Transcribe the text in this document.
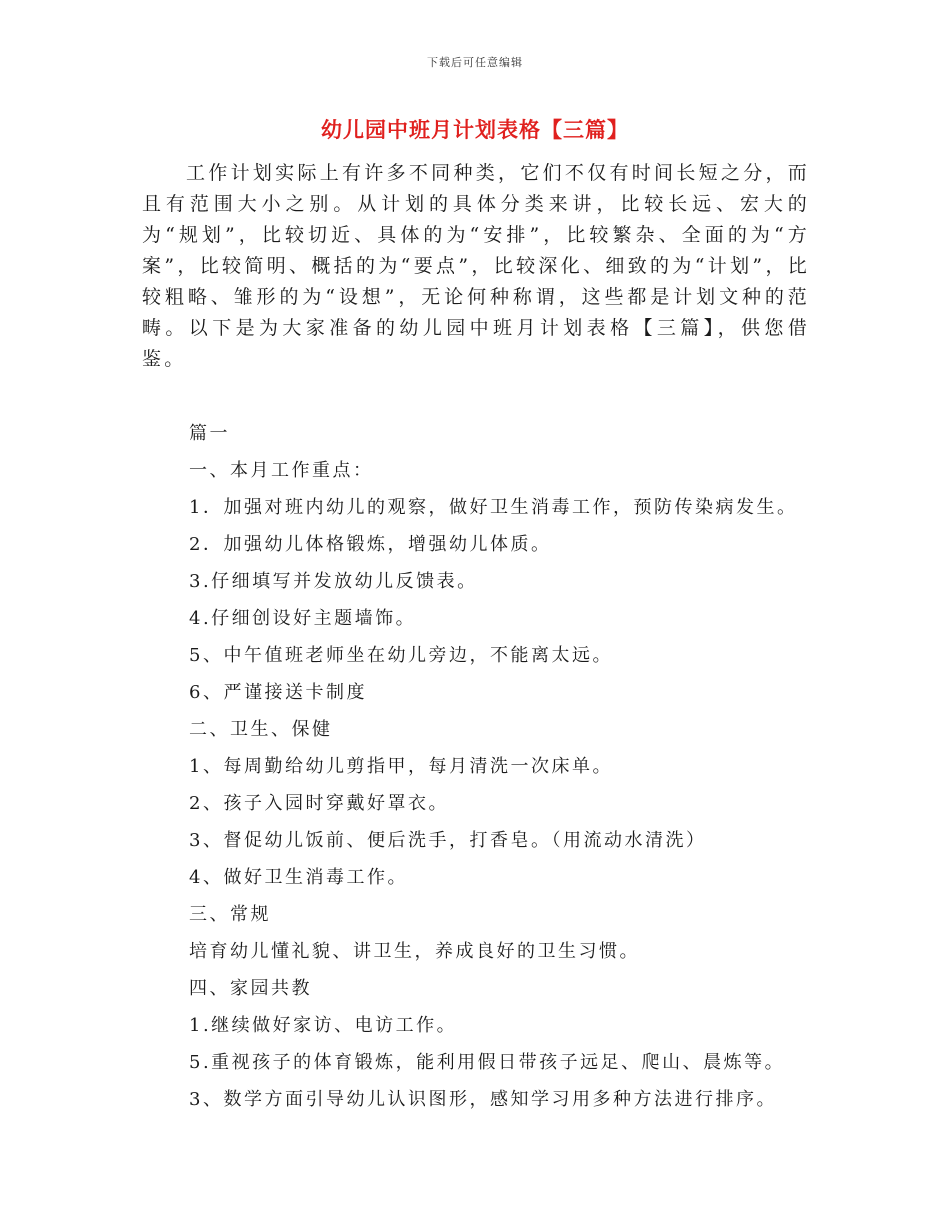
下载后可任意编辑
幼儿园中班月计划表格【三篇】

工作计划实际上有许多不同种类，它们不仅有时间长短之分，而且有范围大小之别。从计划的具体分类来讲，比较长远、宏大的为“规划”，比较切近、具体的为“安排”，比较繁杂、全面的为“方案”，比较简明、概括的为“要点”，比较深化、细致的为“计划”，比较粗略、雏形的为“设想”，无论何种称谓，这些都是计划文种的范畴。以下是为大家准备的幼儿园中班月计划表格【三篇】，供您借鉴。

篇一
一、本月工作重点：
1．加强对班内幼儿的观察，做好卫生消毒工作，预防传染病发生。
2．加强幼儿体格锻炼，增强幼儿体质。
3.仔细填写并发放幼儿反馈表。
4.仔细创设好主题墙饰。
5、中午值班老师坐在幼儿旁边，不能离太远。
6、严谨接送卡制度
二、卫生、保健
1、每周勤给幼儿剪指甲，每月清洗一次床单。
2、孩子入园时穿戴好罩衣。
3、督促幼儿饭前、便后洗手，打香皂。（用流动水清洗）
4、做好卫生消毒工作。
三、常规
培育幼儿懂礼貌、讲卫生，养成良好的卫生习惯。
四、家园共教
1.继续做好家访、电访工作。
5.重视孩子的体育锻炼，能利用假日带孩子远足、爬山、晨炼等。
3、数学方面引导幼儿认识图形，感知学习用多种方法进行排序。
